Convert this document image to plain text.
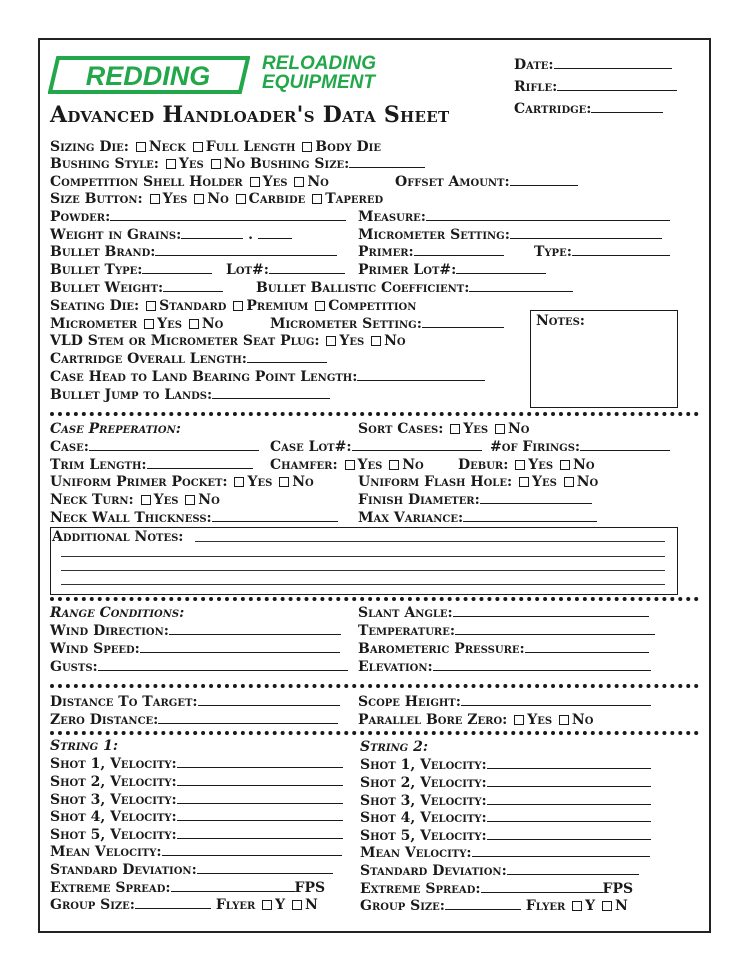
REDDING	RELOADING
EQUIPMENT
Advanced Handloader's Data Sheet
Date:
Rifle:
Cartridge:
Sizing Die: Neck Full Length Body Die
Bushing Style: Yes No Bushing Size:
Competition Shell Holder Yes No	Offset Amount:
Size Button: Yes No Carbide Tapered
Powder:	Measure:
Weight in Grains:	.	Micrometer Setting:
Bullet Brand:	Primer:	Type:
Bullet Type:	Lot#:	Primer Lot#:
Bullet Weight:	Bullet Ballistic Coefficient:
Seating Die: Standard Premium Competition
Micrometer Yes No	Micrometer Setting:
VLD Stem or Micrometer Seat Plug: Yes No
Cartridge Overall Length:
Case Head to Land Bearing Point Length:
Bullet Jump to Lands:
Notes:
Case Preperation:	Sort Cases: Yes No
Case:	Case Lot#:	#of Firings:
Trim Length:	Chamfer: Yes No Debur: Yes No
Uniform Primer Pocket: Yes No	Uniform Flash Hole: Yes No
Neck Turn: Yes No	Finish Diameter:
Neck Wall Thickness:	Max Variance:
Additional Notes:
Range Conditions:	Slant Angle:
Wind Direction:	Temperature:
Wind Speed:	Barometeric Pressure:
Gusts:	Elevation:
Distance To Target:	Scope Height:
Zero Distance:	Parallel Bore Zero: Yes No
String 1:
Shot 1, Velocity:
Shot 2, Velocity:
Shot 3, Velocity:
Shot 4, Velocity:
Shot 5, Velocity:
Mean Velocity:
Standard Deviation:
Extreme Spread:	FPS
Group Size:	Flyer Y N
String 2:
Shot 1, Velocity:
Shot 2, Velocity:
Shot 3, Velocity:
Shot 4, Velocity:
Shot 5, Velocity:
Mean Velocity:
Standard Deviation:
Extreme Spread:	FPS
Group Size:	Flyer Y N
